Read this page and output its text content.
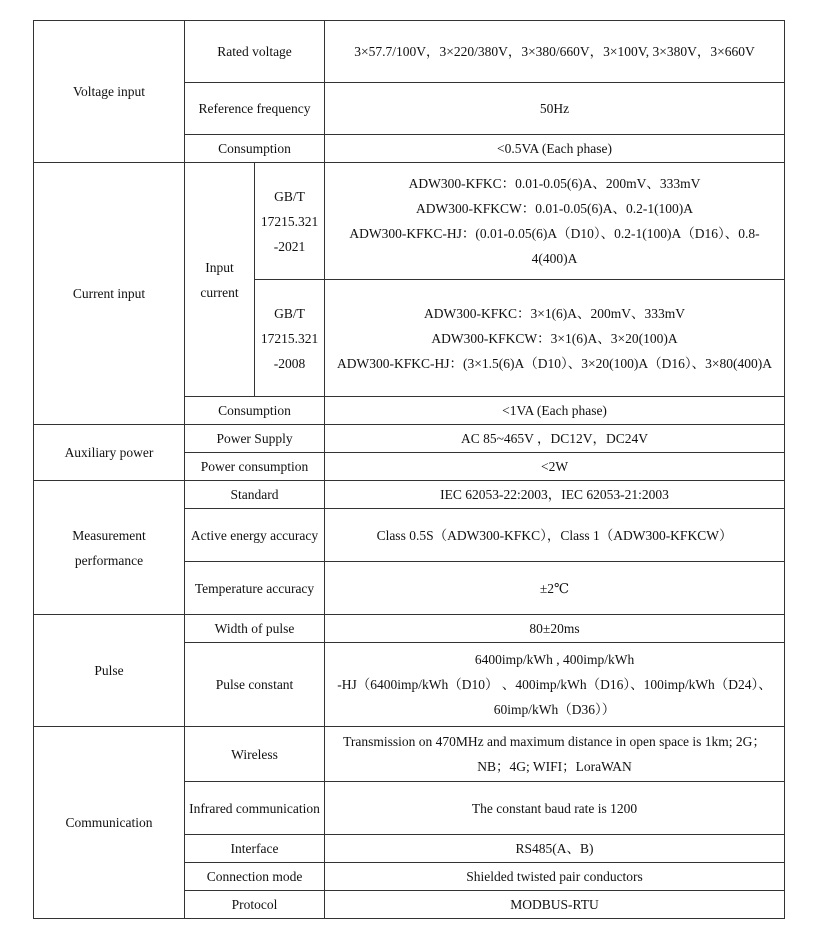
Voltage input	Rated voltage		3×57.7/100V，3×220/380V，3×380/660V，3×100V, 3×380V，3×660V
	Reference frequency		50Hz
	Consumption		<0.5VA (Each phase)
Current input	Input current	GB/T 17215.321-2021	ADW300-KFKC：0.01-0.05(6)A、200mV、333mV
ADW300-KFKCW：0.01-0.05(6)A、0.2-1(100)A
ADW300-KFKC-HJ：(0.01-0.05(6)A（D10）、0.2-1(100)A（D16）、0.8-4(400)A

		GB/T 17215.321-2008	ADW300-KFKC：3×1(6)A、200mV、333mV
ADW300-KFKCW：3×1(6)A、3×20(100)A
ADW300-KFKC-HJ：(3×1.5(6)A（D10）、3×20(100)A（D16）、3×80(400)A

	Consumption		<1VA (Each phase)
Auxiliary power	Power Supply		AC 85~465V ，DC12V，DC24V
	Power consumption		<2W
Measurement performance	Standard		IEC 62053-22:2003，IEC 62053-21:2003
	Active energy accuracy		Class 0.5S（ADW300-KFKC），Class 1（ADW300-KFKCW）
	Temperature accuracy		±2℃
Pulse	Width of pulse		80±20ms
	Pulse constant		6400imp/kWh , 400imp/kWh
-HJ（6400imp/kWh（D10） 、400imp/kWh（D16）、100imp/kWh（D24）、60imp/kWh（D36））

Communication	Wireless		Transmission on 470MHz and maximum distance in open space is 1km; 2G；NB；4G; WIFI；LoraWAN
	Infrared communication		The constant baud rate is 1200
	Interface		RS485(A、B)
	Connection mode		Shielded twisted pair conductors
	Protocol		MODBUS-RTU
